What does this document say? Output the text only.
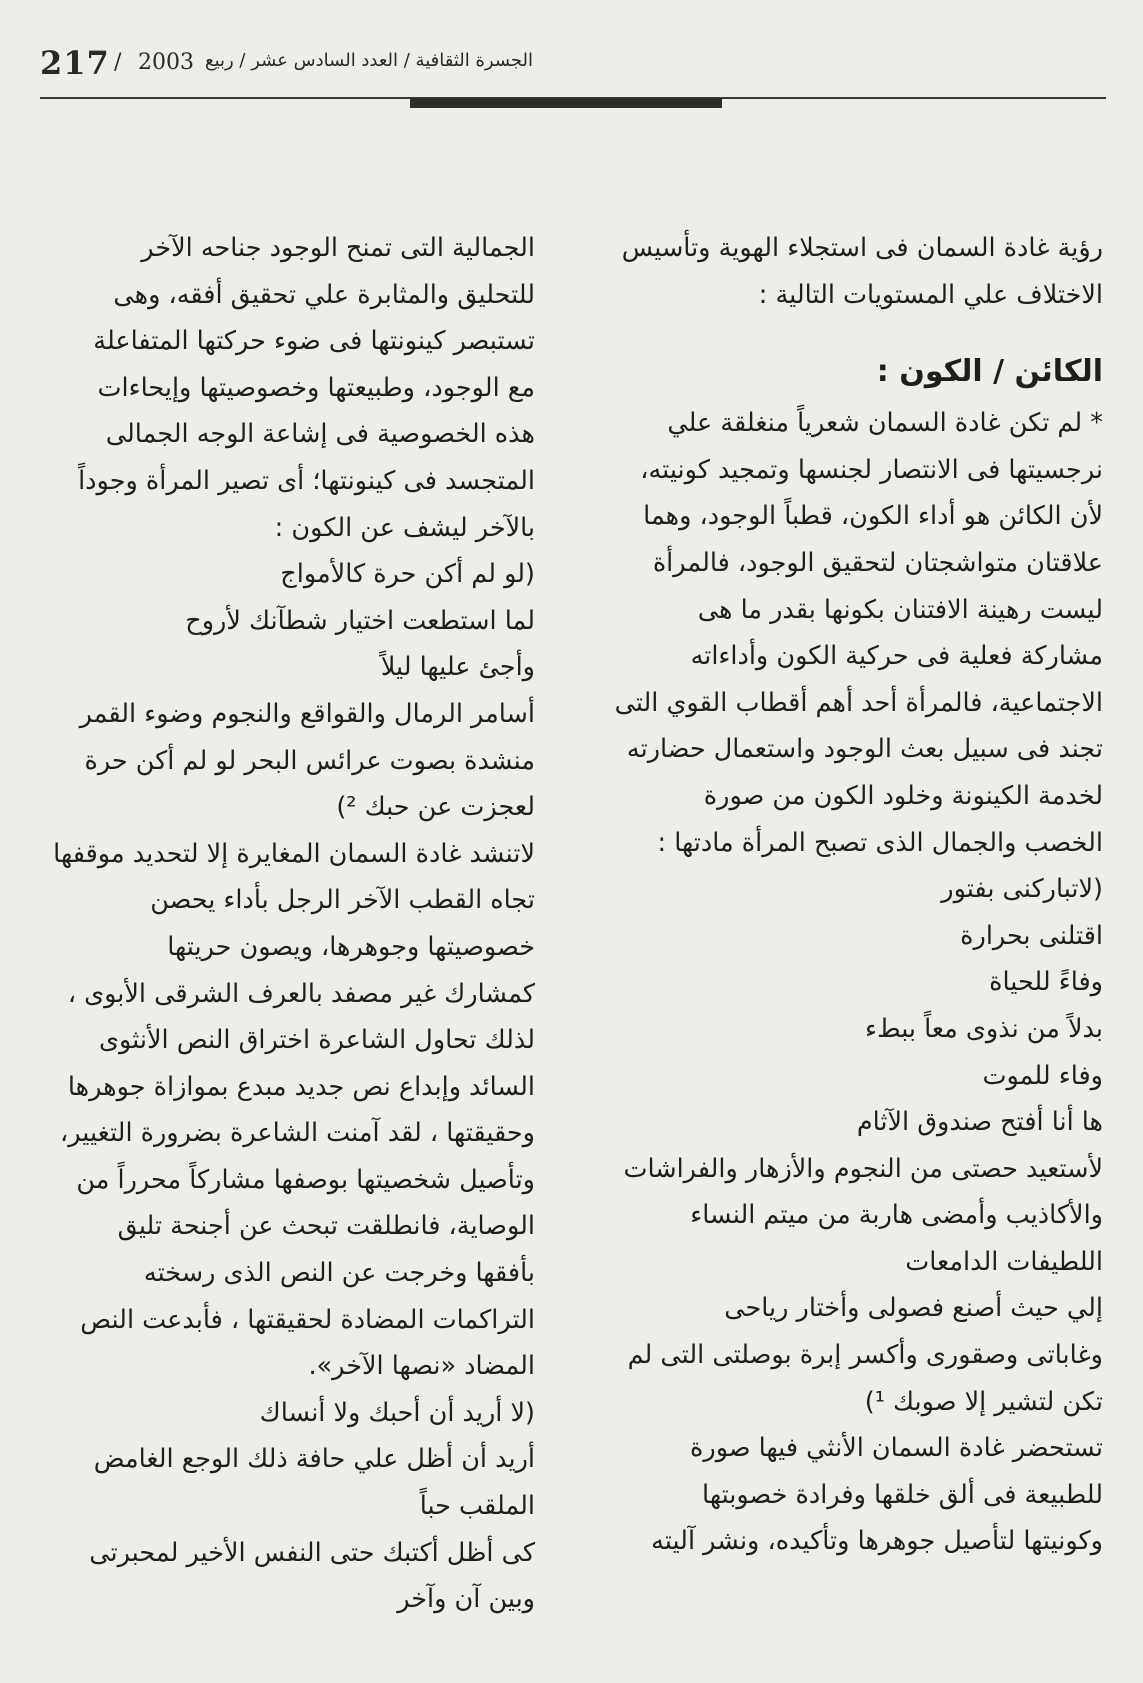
217 / 2003 الجسرة الثقافية / العدد السادس عشر / ربيع
رؤية غادة السمان فى استجلاء الهوية وتأسيس
الاختلاف علي المستويات التالية :
الكائن / الكون :
* لم تكن غادة السمان شعرياً منغلقة علي
نرجسيتها فى الانتصار لجنسها وتمجيد كونيته،
لأن الكائن هو أداء الكون، قطباً الوجود، وهما
علاقتان متواشجتان لتحقيق الوجود، فالمرأة
ليست رهينة الافتنان بكونها بقدر ما هى
مشاركة فعلية فى حركية الكون وأداءاته
الاجتماعية، فالمرأة أحد أهم أقطاب القوي التى
تجند فى سبيل بعث الوجود واستعمال حضارته
لخدمة الكينونة وخلود الكون من صورة
الخصب والجمال الذى تصبح المرأة مادتها :
(لاتباركنى بفتور
اقتلنى بحرارة
وفاءً للحياة
بدلاً من نذوى معاً ببطء
وفاء للموت
ها أنا أفتح صندوق الآثام
لأستعيد حصتى من النجوم والأزهار والفراشات
والأكاذيب وأمضى هاربة من ميتم النساء
اللطيفات الدامعات
إلي حيث أصنع فصولى وأختار رياحى
وغاباتى وصقورى وأكسر إبرة بوصلتى التى لم
تكن لتشير إلا صوبك ¹)
تستحضر غادة السمان الأنثي فيها صورة
للطبيعة فى ألق خلقها وفرادة خصوبتها
وكونيتها لتأصيل جوهرها وتأكيده، ونشر آليته
الجمالية التى تمنح الوجود جناحه الآخر
للتحليق والمثابرة علي تحقيق أفقه، وهى
تستبصر كينونتها فى ضوء حركتها المتفاعلة
مع الوجود، وطبيعتها وخصوصيتها وإيحاءات
هذه الخصوصية فى إشاعة الوجه الجمالى
المتجسد فى كينونتها؛ أى تصير المرأة وجوداً
بالآخر ليشف عن الكون :
(لو لم أكن حرة كالأمواج
لما استطعت اختيار شطآنك لأروح
وأجئ عليها ليلاً
أسامر الرمال والقواقع والنجوم وضوء القمر
منشدة بصوت عرائس البحر لو لم أكن حرة
لعجزت عن حبك ²)
لاتنشد غادة السمان المغايرة إلا لتحديد موقفها
تجاه القطب الآخر الرجل بأداء يحصن
خصوصيتها وجوهرها، ويصون حريتها
كمشارك غير مصفد بالعرف الشرقى الأبوى ،
لذلك تحاول الشاعرة اختراق النص الأنثوى
السائد وإبداع نص جديد مبدع بموازاة جوهرها
وحقيقتها ، لقد آمنت الشاعرة بضرورة التغيير،
وتأصيل شخصيتها بوصفها مشاركاً محرراً من
الوصاية، فانطلقت تبحث عن أجنحة تليق
بأفقها وخرجت عن النص الذى رسخته
التراكمات المضادة لحقيقتها ، فأبدعت النص
المضاد «نصها الآخر».
(لا أريد أن أحبك ولا أنساك
أريد أن أظل علي حافة ذلك الوجع الغامض
الملقب حباً
كى أظل أكتبك حتى النفس الأخير لمحبرتى
وبين آن وآخر
